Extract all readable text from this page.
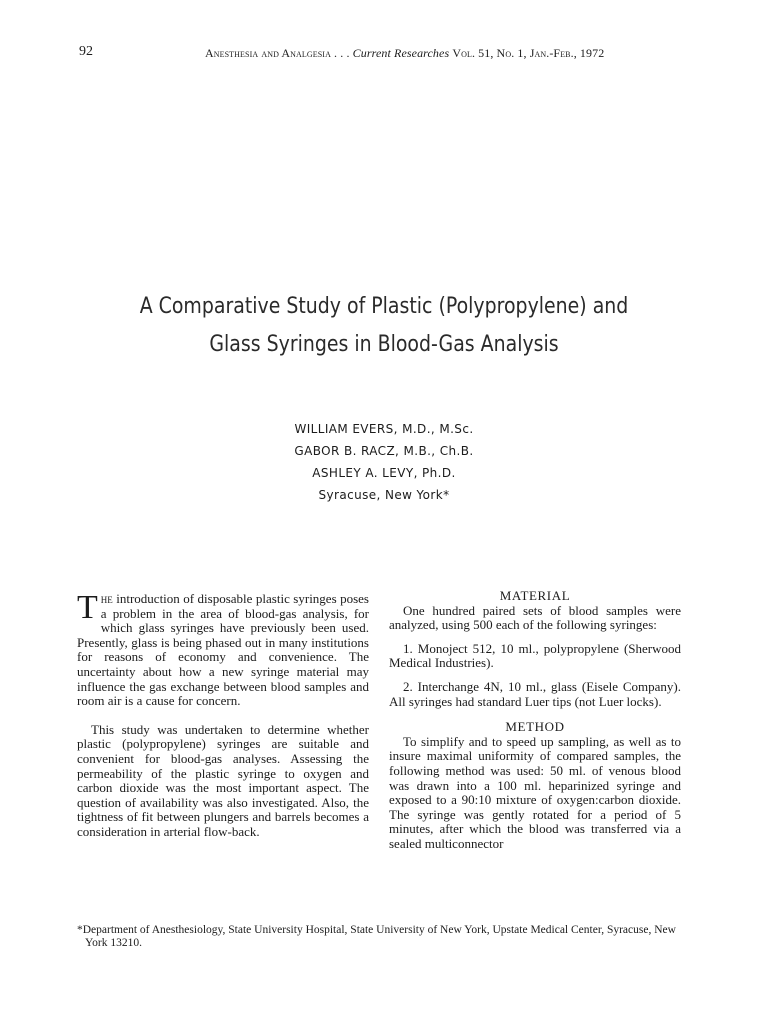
92	Anesthesia and Analgesia . . . Current Researches Vol. 51, No. 1, Jan.-Feb., 1972
A Comparative Study of Plastic (Polypropylene) and
Glass Syringes in Blood-Gas Analysis
WILLIAM EVERS, M.D., M.Sc.
GABOR B. RACZ, M.B., Ch.B.
ASHLEY A. LEVY, Ph.D.
Syracuse, New York*

The introduction of disposable plastic syringes poses a problem in the area of blood-gas analysis, for which glass syringes have previously been used. Presently, glass is being phased out in many institutions for reasons of economy and convenience. The uncertainty about how a new syringe material may influence the gas exchange between blood samples and room air is a cause for concern.

This study was undertaken to determine whether plastic (polypropylene) syringes are suitable and convenient for blood-gas analyses. Assessing the permeability of the plastic syringe to oxygen and carbon dioxide was the most important aspect. The question of availability was also investigated. Also, the tightness of fit between plungers and barrels becomes a consideration in arterial flow-back.

MATERIAL

One hundred paired sets of blood samples were analyzed, using 500 each of the following syringes:

1. Monoject 512, 10 ml., polypropylene (Sherwood Medical Industries).

2. Interchange 4N, 10 ml., glass (Eisele Company). All syringes had standard Luer tips (not Luer locks).

METHOD

To simplify and to speed up sampling, as well as to insure maximal uniformity of compared samples, the following method was used: 50 ml. of venous blood was drawn into a 100 ml. heparinized syringe and exposed to a 90:10 mixture of oxygen:carbon dioxide. The syringe was gently rotated for a period of 5 minutes, after which the blood was transferred via a sealed multiconnector

*Department of Anesthesiology, State University Hospital, State University of New York, Upstate Medical Center, Syracuse, New York 13210.
